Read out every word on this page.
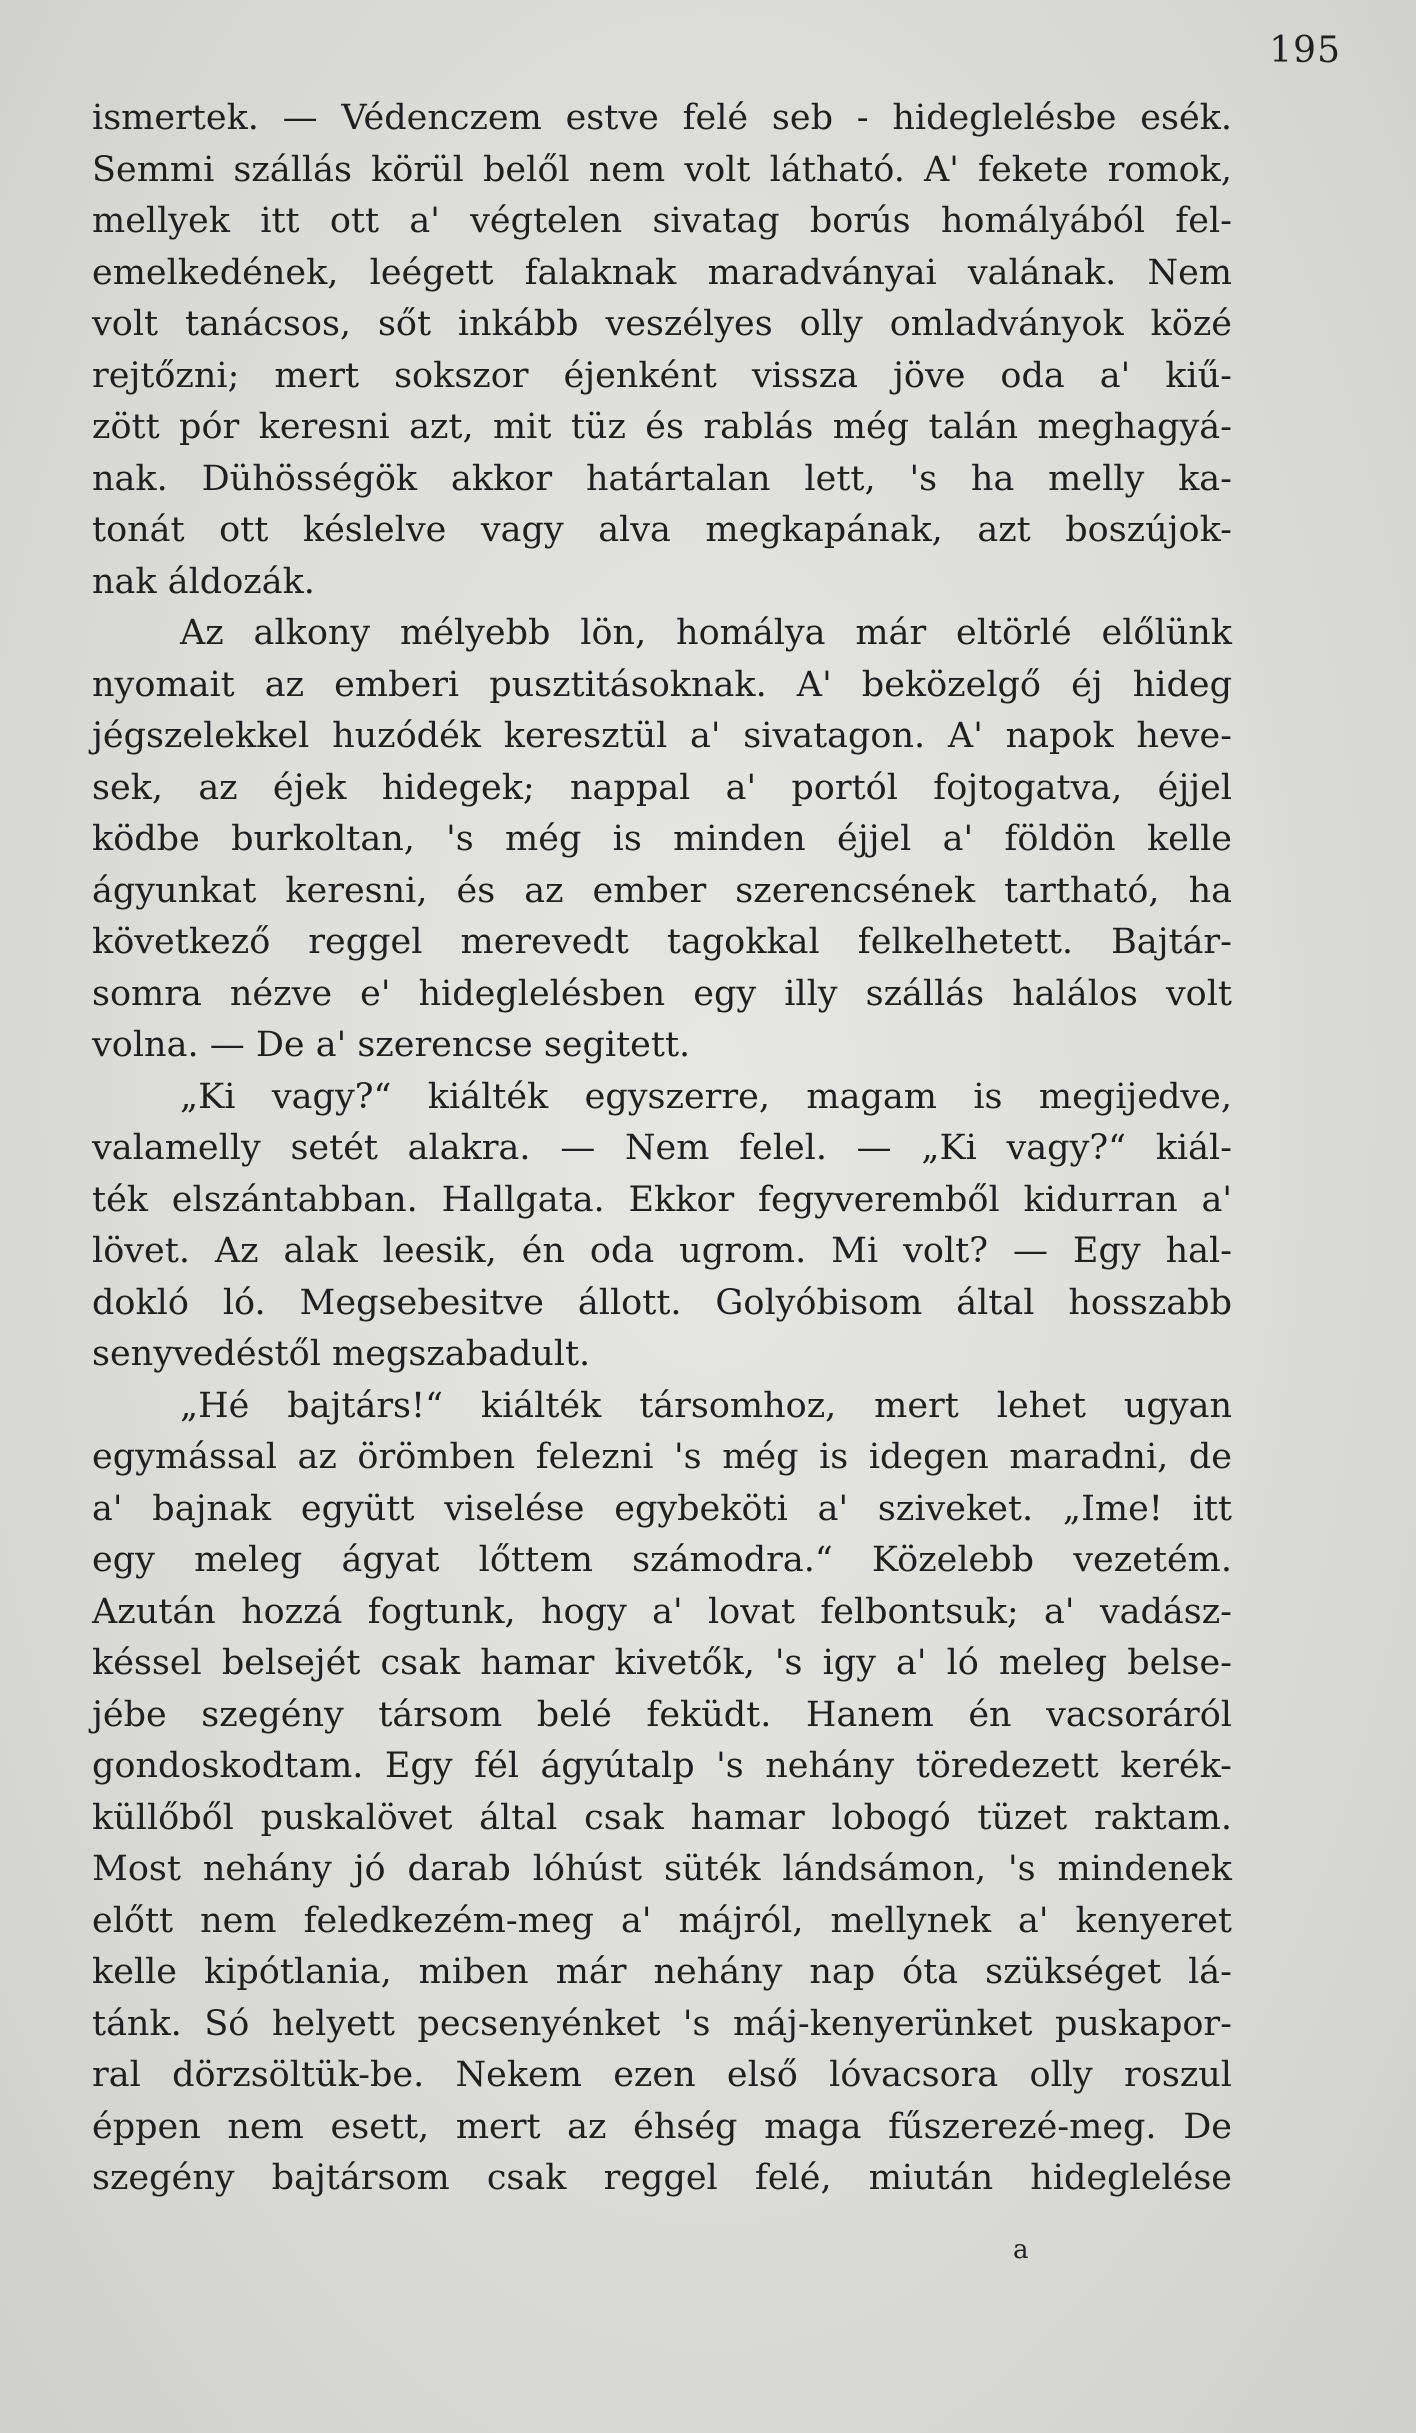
195
ismertek. — Védenczem estve felé seb - hideglelésbe esék.
Semmi szállás körül belől nem volt látható. A' fekete romok,
mellyek itt ott a' végtelen sivatag borús homályából fel-
emelkedének, leégett falaknak maradványai valának. Nem
volt tanácsos, sőt inkább veszélyes olly omladványok közé
rejtőzni; mert sokszor éjenként vissza jöve oda a' kiű-
zött pór keresni azt, mit tüz és rablás még talán meghagyá-
nak. Dühösségök akkor határtalan lett, 's ha melly ka-
tonát ott késlelve vagy alva megkapának, azt boszújok-
nak áldozák.
Az alkony mélyebb lön, homálya már eltörlé előlünk
nyomait az emberi pusztitásoknak. A' beközelgő éj hideg
jégszelekkel huzódék keresztül a' sivatagon. A' napok heve-
sek, az éjek hidegek; nappal a' portól fojtogatva, éjjel
ködbe burkoltan, 's még is minden éjjel a' földön kelle
ágyunkat keresni, és az ember szerencsének tartható, ha
következő reggel merevedt tagokkal felkelhetett. Bajtár-
somra nézve e' hideglelésben egy illy szállás halálos volt
volna. — De a' szerencse segitett.
„Ki vagy?“ kiálték egyszerre, magam is megijedve,
valamelly setét alakra. — Nem felel. — „Ki vagy?“ kiál-
ték elszántabban. Hallgata. Ekkor fegyveremből kidurran a'
lövet. Az alak leesik, én oda ugrom. Mi volt? — Egy hal-
dokló ló. Megsebesitve állott. Golyóbisom által hosszabb
senyvedéstől megszabadult.
„Hé bajtárs!“ kiálték társomhoz, mert lehet ugyan
egymással az örömben felezni 's még is idegen maradni, de
a' bajnak együtt viselése egybeköti a' sziveket. „Ime! itt
egy meleg ágyat lőttem számodra.“ Közelebb vezetém.
Azután hozzá fogtunk, hogy a' lovat felbontsuk; a' vadász-
késsel belsejét csak hamar kivetők, 's igy a' ló meleg belse-
jébe szegény társom belé feküdt. Hanem én vacsoráról
gondoskodtam. Egy fél ágyútalp 's nehány töredezett kerék-
küllőből puskalövet által csak hamar lobogó tüzet raktam.
Most nehány jó darab lóhúst süték lándsámon, 's mindenek
előtt nem feledkezém-meg a' májról, mellynek a' kenyeret
kelle kipótlania, miben már nehány nap óta szükséget lá-
tánk. Só helyett pecsenyénket 's máj-kenyerünket puskapor-
ral dörzsöltük-be. Nekem ezen első lóvacsora olly roszul
éppen nem esett, mert az éhség maga fűszerezé-meg. De
szegény bajtársom csak reggel felé, miután hideglelése
a
